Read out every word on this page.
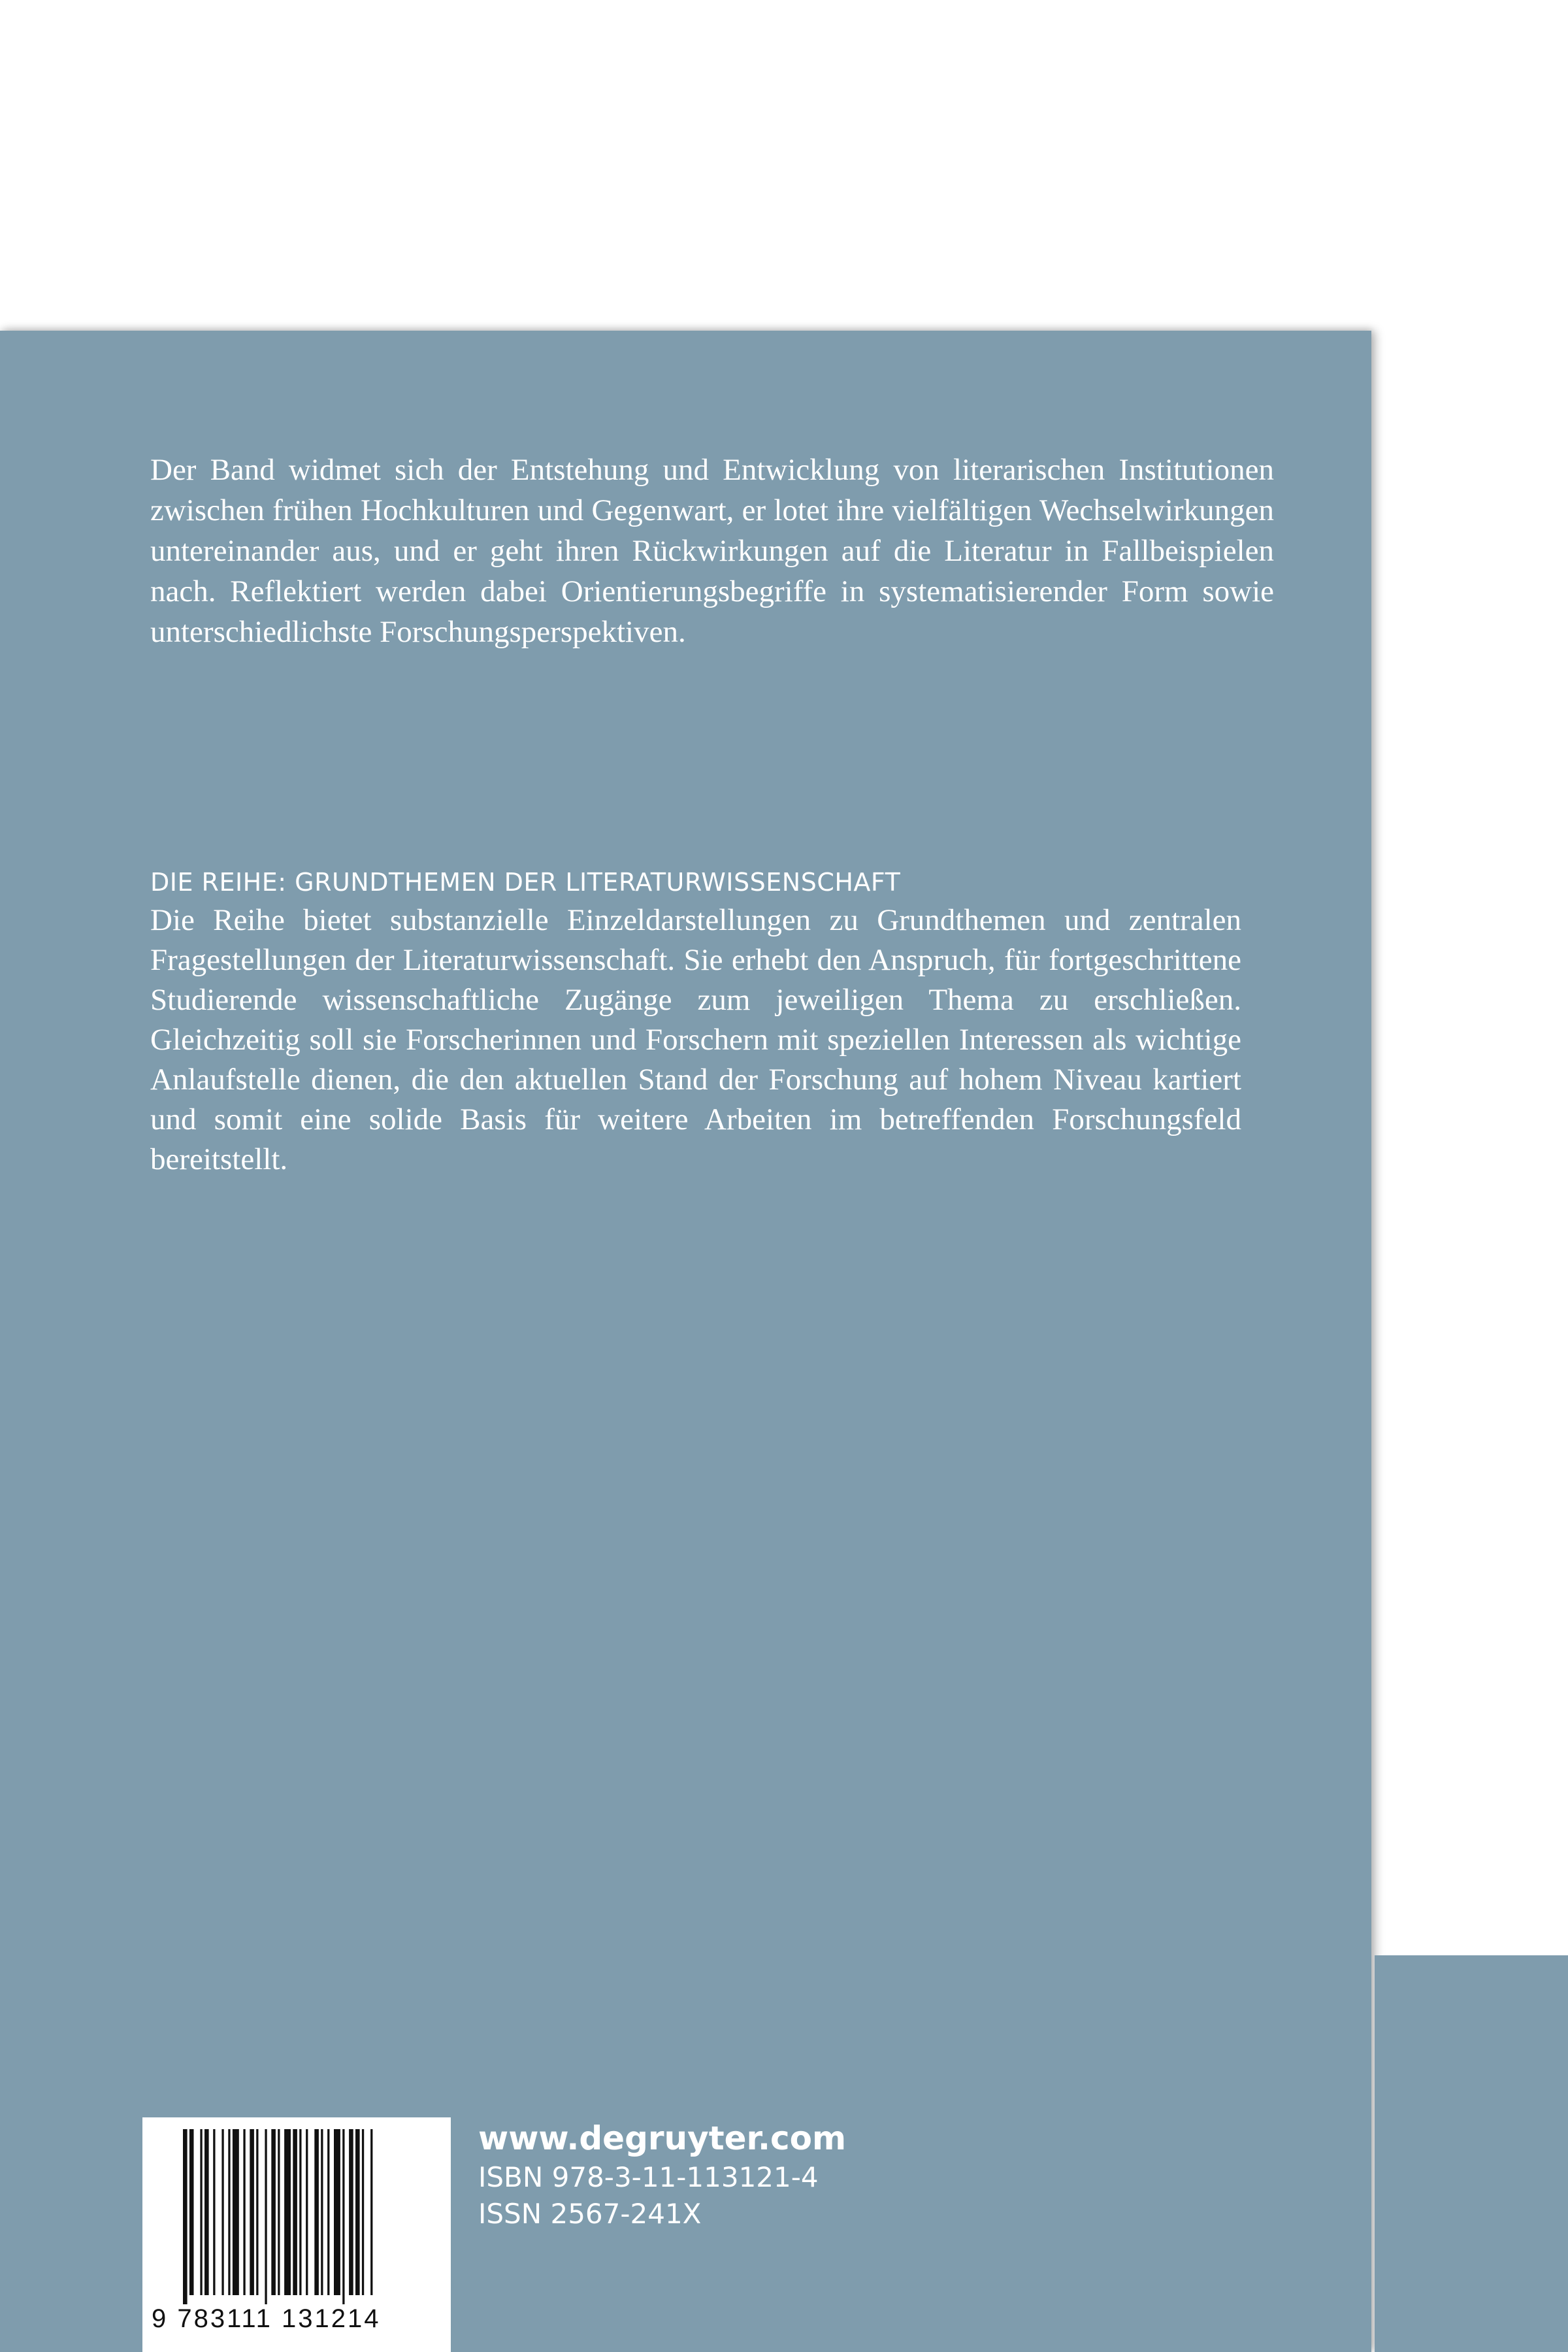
Der Band widmet sich der Entstehung und Entwicklung von literarischen Institutionen zwischen frühen Hochkulturen und Gegenwart, er lotet ihre vielfältigen Wechselwirkungen untereinander aus, und er geht ihren Rückwirkungen auf die Literatur in Fallbeispielen nach. Reflektiert werden dabei Orientierungsbegriffe in systematisierender Form sowie unterschiedlichste Forschungsperspektiven.

DIE REIHE: GRUNDTHEMEN DER LITERATURWISSENSCHAFT

Die Reihe bietet substanzielle Einzeldarstellungen zu Grundthemen und zentralen Fragestellungen der Literaturwissenschaft. Sie erhebt den Anspruch, für fortgeschrittene Studierende wissenschaftliche Zugänge zum jeweiligen Thema zu erschließen. Gleichzeitig soll sie Forscherinnen und Forschern mit speziellen Interessen als wichtige Anlaufstelle dienen, die den aktuellen Stand der Forschung auf hohem Niveau kartiert und somit eine solide Basis für weitere Arbeiten im betreffenden Forschungsfeld bereitstellt.

9 783111 131214
www.degruyter.com
ISBN 978-3-11-113121-4
ISSN 2567-241X
